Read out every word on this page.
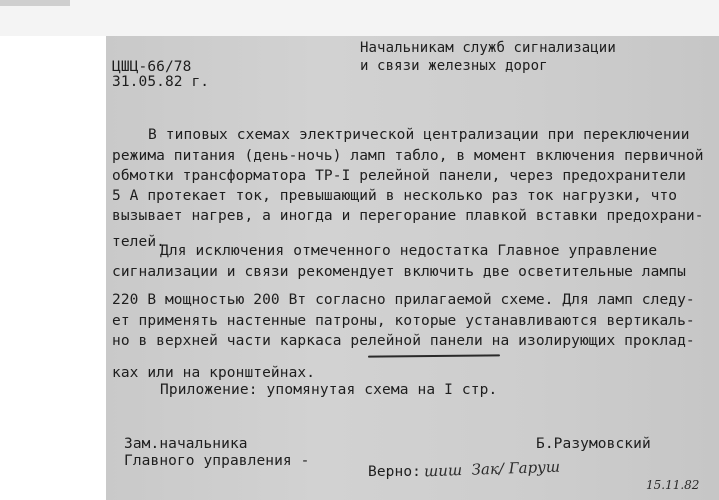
ЦШЦ-66/78
31.05.82 г.
Начальникам служб сигнализации
и связи железных дорог
В типовых схемах электрической централизации при переключении
режима питания (день-ночь) ламп табло, в момент включения первичной
обмотки трансформатора ТР-I релейной панели, через предохранители
5 А протекает ток, превышающий в несколько раз ток нагрузки, что
вызывает нагрев, а иногда и перегорание плавкой вставки предохрани-
телей.
Для исключения отмеченного недостатка Главное управление
сигнализации и связи рекомендует включить две осветительные лампы
220 В мощностью 200 Вт согласно прилагаемой схеме. Для ламп следу-
ет применять настенные патроны, которые устанавливаются вертикаль-
но в верхней части каркаса релейной панели на изолирующих проклад-
ках или на кронштейнах.
Приложение: упомянутая схема на I стр.
Зам.начальника
Главного управления -
Б.Разумовский
Верно: шиш  Зак/ Гаруш
15.11.82
